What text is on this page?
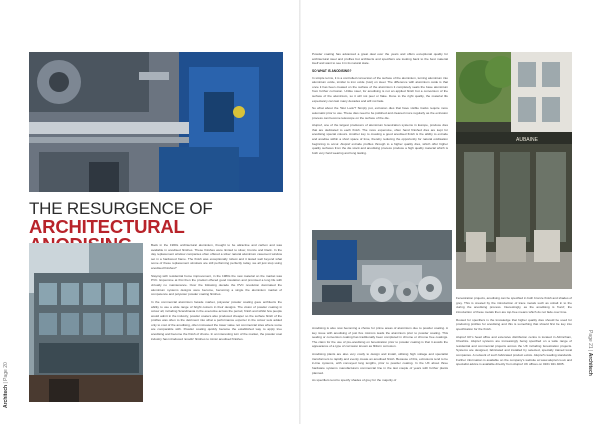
THE RESURGENCE OF
ARCHITECTURAL
Architech | Page 20

Back in the 1960s architectural aluminium, thought to be attractive and carbon and was available in anodised finishes. These finishes were limited to silver, bronze and black. In the day replacement window companies often offered a silver natural aluminium casement window set in a hardwood frame. The finish was exceptionally robust and it lasted well beyond what some of these replacement windows are still performing perfectly today, we all just stop using anodised finishes?

Staying with residential home improvement, in the 1980s the new material on the market was PVC. Expensive at first then the product offered good insulation and promised a long life with virtually no maintenance. Over the following decade the PVC revolution dominated the aluminium systems designs were become, becoming a single the aluminium market of competence and polyester powder coating finishes.

In the commercial aluminium facade market, polyester powder coating gave architects the ability to use a wide range of bright colours in their designs. The vision of powder coating in colour all, including Scandinavia in the executive across the period, finish and whilst few people would admit in the industry, powder coaters also produced cheaper so the surface finish of the profiles was often to the detriment into what a performance exporter in the colour sets added only to cost of the anodising, often increased the lower value not commercial sites where some are comparable with. Powder coating quickly became the established way to apply true anodising and become the finish of choice. In an interesting turn of the market, the powder coat industry has introduced 'anodic' finishes to mimic anodised finishes.

Powder coating has advanced a great deal over the years and offers exceptional quality for architectural steel and profiles but architects and specifiers are looking back to the best material itself and want to see it in its natural state.

SO WHAT IS ANODISING?

In simple terms, it is a controlled conversion of the surface of the aluminium, turning aluminium into aluminium oxide, similar to iron oxide (rust) on steel. The difference with aluminium oxide is that once it has been created on the surface of the aluminium it completely seals the base aluminium from further corrosion. Unlike steel, for anodising is not an applied finish but a conversion of the surface of the aluminium, so it will not peel or flake. Done to the right quality, the material life expectancy can last many decades and will not fade.

So what about the 'Wet Look'? Simply put, extrusion dies that have visible tracks require more automatic prior to use. These dies need to be polished and cleaned more regularly as the extrusion process can become telescope on the surface of the die.

Alupref, one of the largest producers of aluminium fenestration systems in Europe, produce dies that are dedicated to each finish. The more expensive, often hand finished dies are kept for anodising special colours. Another key to creating a good anodised finish is the ability to extrude and anodise within a short space of time, thereby reducing the opportunity for natural oxidisation beginning to occur. Alupref extrude profiles through to a higher quality dies, which offer higher quality surfaces from the die stock and anodising process produce a high quality material which is both very hard wearing and long lasting.

Anodising is also now becoming a choice for prime areas of aluminium due to powder coating. A key issue with anodising of just five microns leads the aluminium prior to powder coating. This sealing or conversion coating has traditionally been completed in chrome or chrome free coatings. The claim for the use of pre-anodising on fenestration prior to powder coating is that it avoids the appearance of a type of corrosion known as filiform corrosion.

Anodising plants are also very costly to design and install, utilising high voltage and specialist transformers to rapidly and evenly create an anodised finish. Because of this, extrusions tend to be in-line systems, with conveyed long lengths, prior to powder coating. In the UK about three hardware systems manufacturers commercial line in the last couple of years with further plants planned.

As specifiers tend to specify shades of grey for the majority of

AUBAINE

Fenestration projects, anodising can be specified in both bronze finish and shades of grey. This is created by the introduction of trace metals such as cobalt in to the during the anodising process. Interestingly, as the anodising is 'hard', the introduction of these metals then are top-free means which do not fade over time.

Routed for specifiers is the knowledge that higher quality dies should be used for producing profiles for anodising and this is something that should first be key into specification for the finish.

Alupref UK's head office and extensive distribution centre is located in Altrincham, Cheshire. Alupref systems are increasingly being specified on a wide range of residential and commercial projects across the UK including fenestration projects. Systems are designed, fabricated and installed by selected, specially trained local companies. A network of such fabricated product exists. Alupref's leading standards. Further information is available on the company's website at www.alupref.co.uk and specialist advice is available directly from Alupref UK offices on 0161 941 4005.

Page 21 | Architech
